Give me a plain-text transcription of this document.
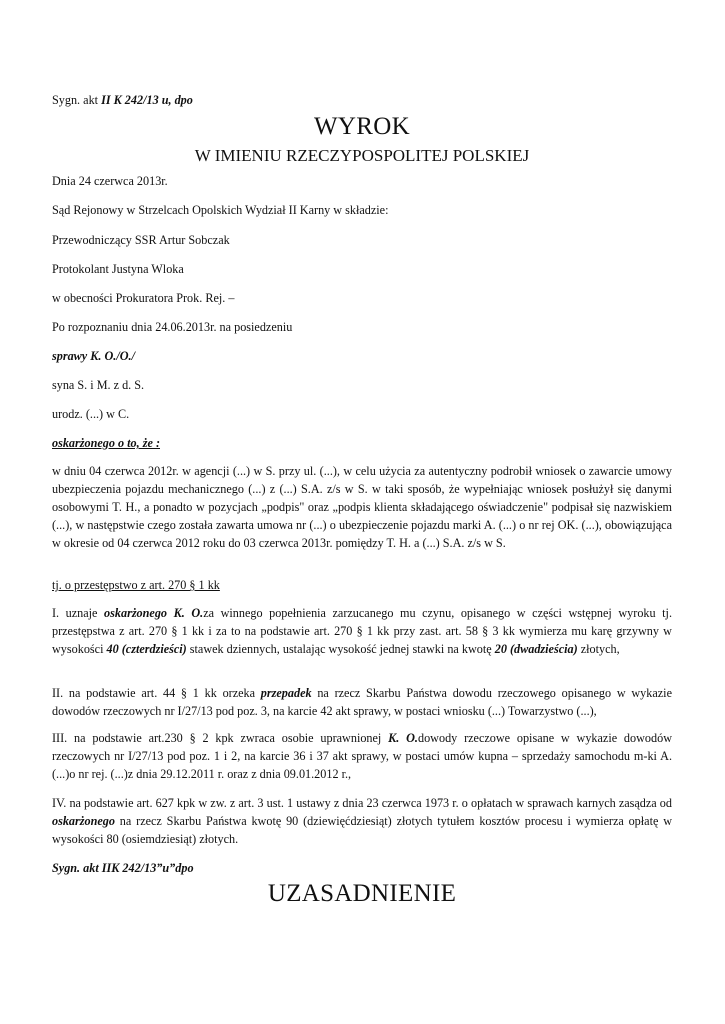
Sygn. akt II K 242/13 u, dpo
WYROK
W IMIENIU RZECZYPOSPOLITEJ POLSKIEJ
Dnia 24 czerwca 2013r.
Sąd Rejonowy w Strzelcach Opolskich Wydział II Karny w składzie:
Przewodniczący SSR Artur Sobczak
Protokolant Justyna Wloka
w obecności Prokuratora Prok. Rej. –
Po rozpoznaniu dnia 24.06.2013r. na posiedzeniu
sprawy K. O./O./
syna S. i M. z d. S.
urodz. (...) w C.
oskarżonego o to, że :
w dniu 04 czerwca 2012r. w agencji (...) w S. przy ul. (...), w celu użycia za autentyczny podrobił wniosek o zawarcie umowy ubezpieczenia pojazdu mechanicznego (...) z (...) S.A. z/s w S. w taki sposób, że wypełniając wniosek posłużył się danymi osobowymi T. H., a ponadto w pozycjach „podpis" oraz „podpis klienta składającego oświadczenie" podpisał się nazwiskiem (...), w następstwie czego została zawarta umowa nr (...) o ubezpieczenie pojazdu marki A. (...) o nr rej OK. (...), obowiązująca w okresie od 04 czerwca 2012 roku do 03 czerwca 2013r. pomiędzy T. H. a (...) S.A. z/s w S.
tj. o przestępstwo z art. 270 § 1 kk
I. uznaje oskarżonego K. O.za winnego popełnienia zarzucanego mu czynu, opisanego w części wstępnej wyroku tj. przestępstwa z art. 270 § 1 kk i za to na podstawie art. 270 § 1 kk przy zast. art. 58 § 3 kk wymierza mu karę grzywny w wysokości 40 (czterdzieści) stawek dziennych, ustalając wysokość jednej stawki na kwotę 20 (dwadzieścia) złotych,
II. na podstawie art. 44 § 1 kk orzeka przepadek na rzecz Skarbu Państwa dowodu rzeczowego opisanego w wykazie dowodów rzeczowych nr I/27/13 pod poz. 3, na karcie 42 akt sprawy, w postaci wniosku (...) Towarzystwo (...),
III. na podstawie art.230 § 2 kpk zwraca osobie uprawnionej K. O.dowody rzeczowe opisane w wykazie dowodów rzeczowych nr I/27/13 pod poz. 1 i 2, na karcie 36 i 37 akt sprawy, w postaci umów kupna – sprzedaży samochodu m-ki A. (...)o nr rej. (...)z dnia 29.12.2011 r. oraz z dnia 09.01.2012 r.,
IV. na podstawie art. 627 kpk w zw. z art. 3 ust. 1 ustawy z dnia 23 czerwca 1973 r. o opłatach w sprawach karnych zasądza od oskarżonego na rzecz Skarbu Państwa kwotę 90 (dziewięćdziesiąt) złotych tytułem kosztów procesu i wymierza opłatę w wysokości 80 (osiemdziesiąt) złotych.
Sygn. akt IIK 242/13”u”dpo
UZASADNIENIE
